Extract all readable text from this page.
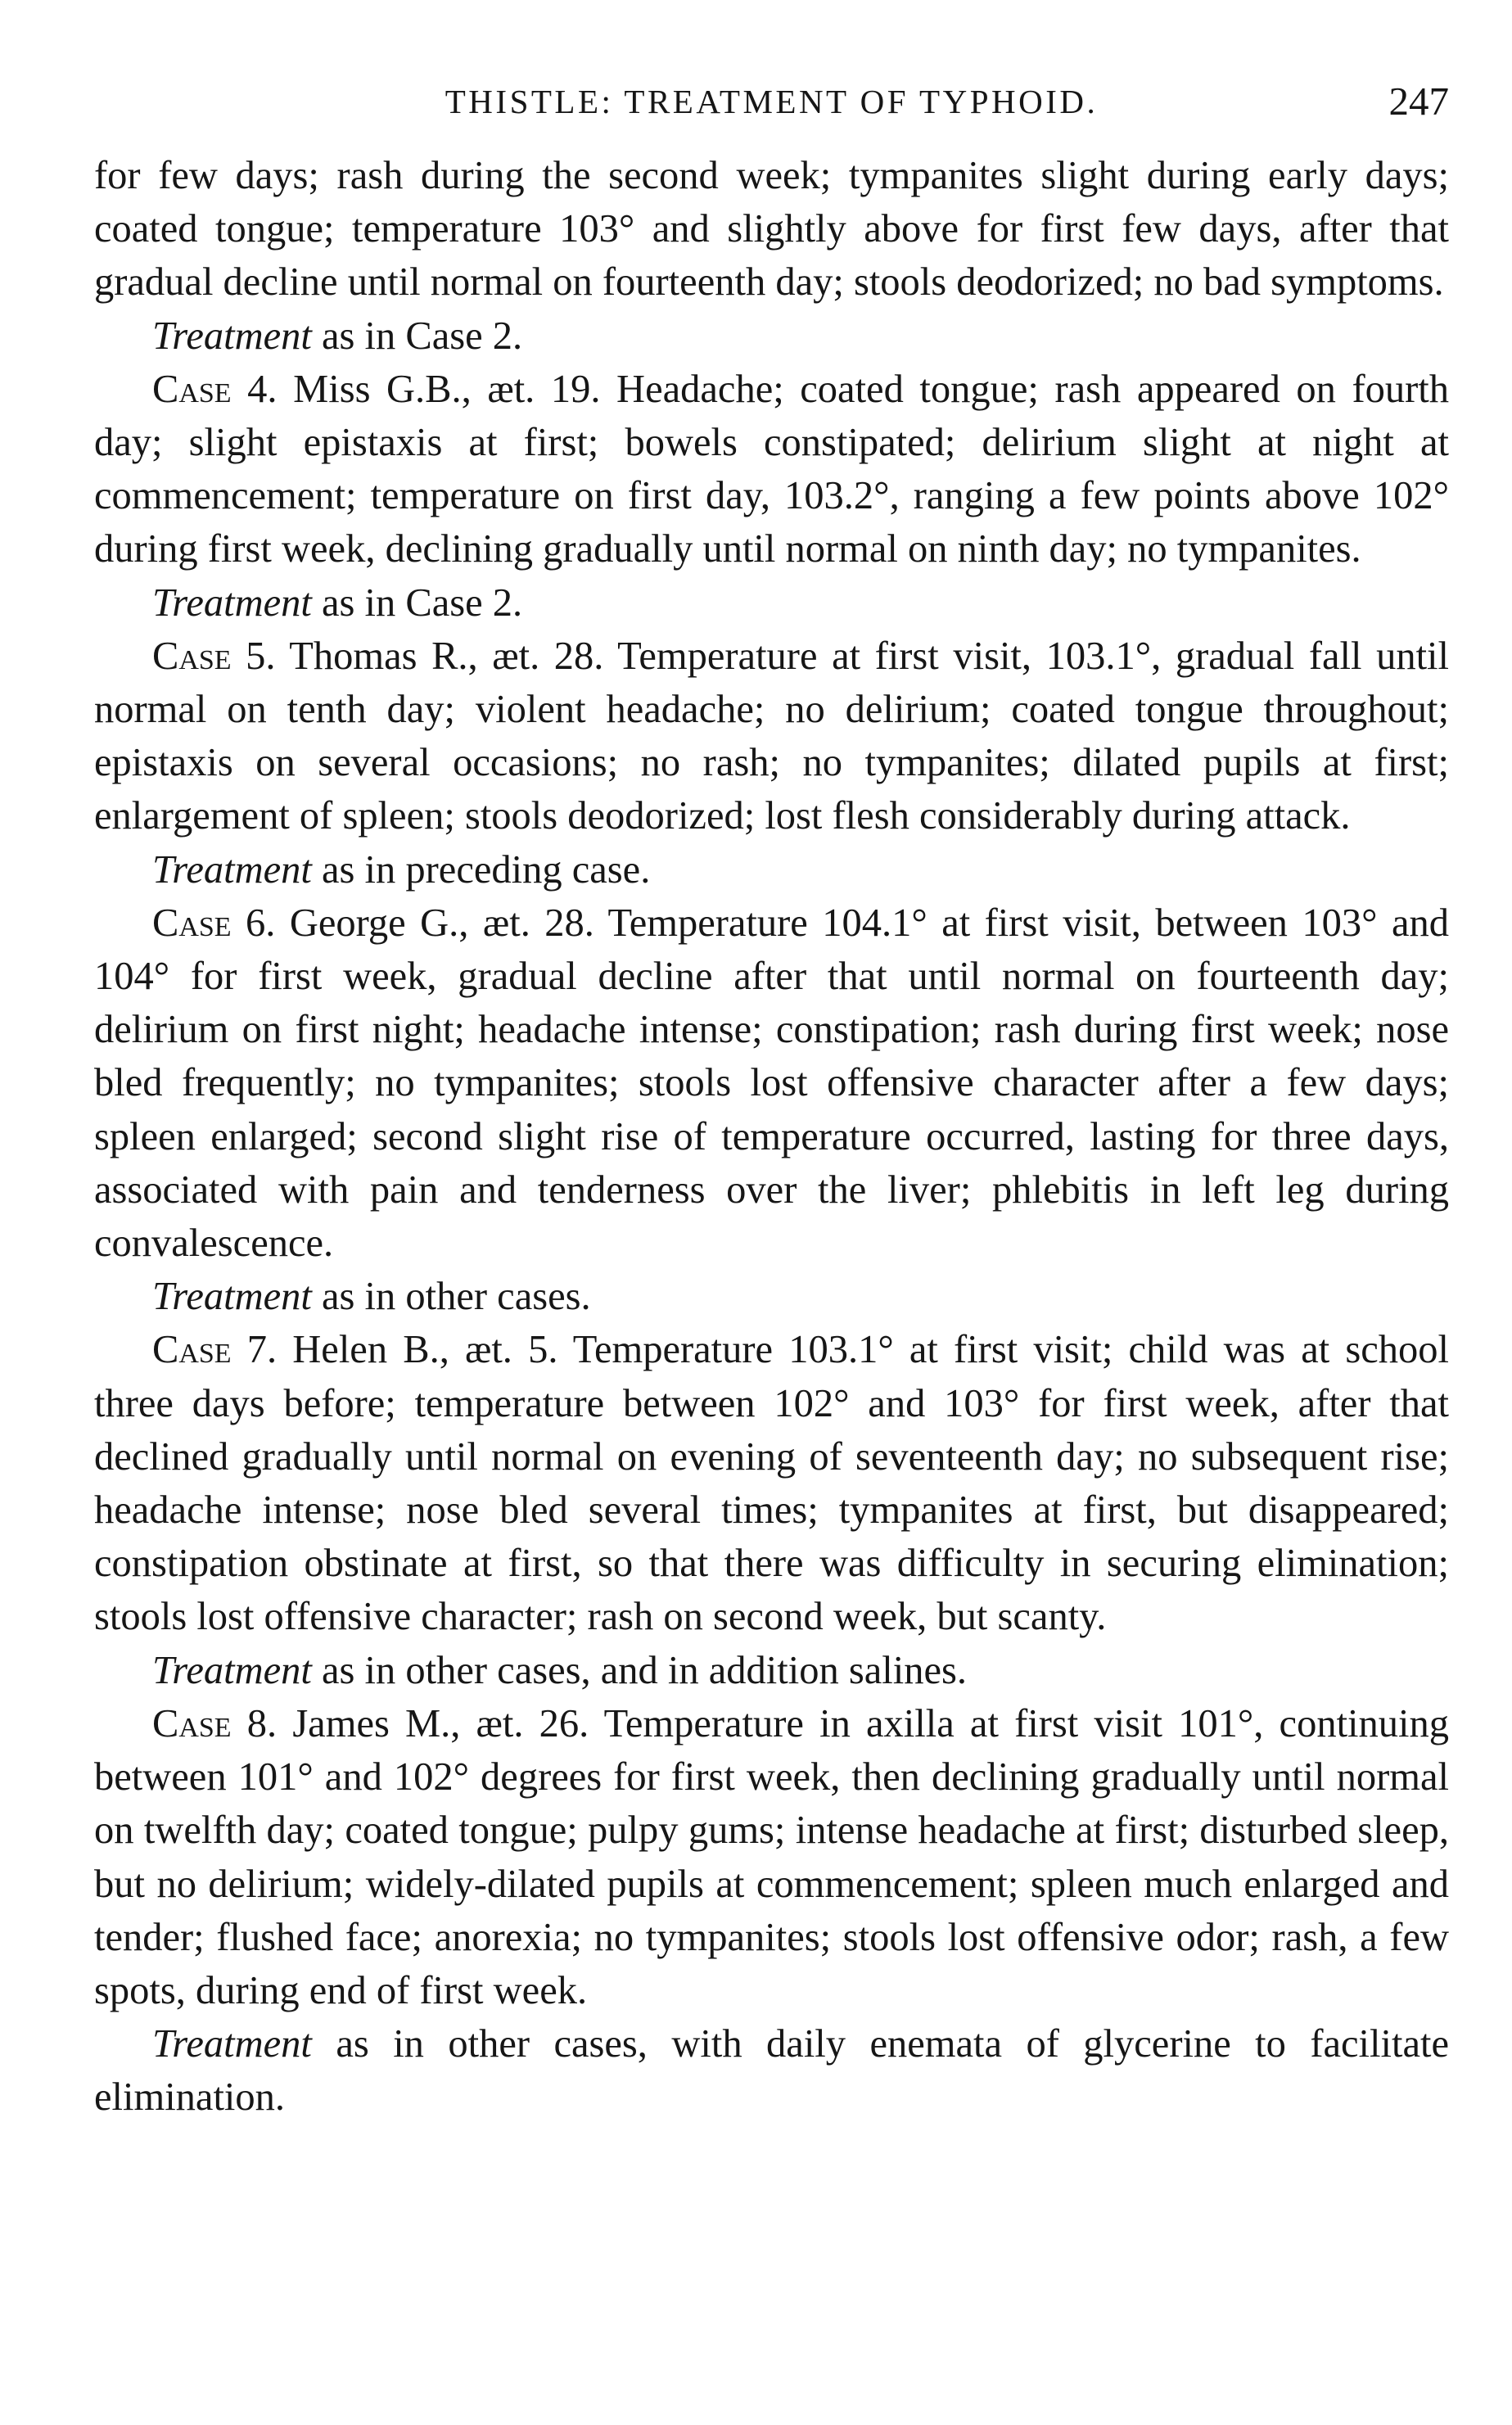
THISTLE: TREATMENT OF TYPHOID.	247

for few days; rash during the second week; tympanites slight during early days; coated tongue; temperature 103° and slightly above for first few days, after that gradual decline until normal on fourteenth day; stools deodorized; no bad symptoms.

Treatment as in Case 2.

Case 4. Miss G.B., æt. 19. Headache; coated tongue; rash appeared on fourth day; slight epistaxis at first; bowels constipated; delirium slight at night at commencement; temperature on first day, 103.2°, ranging a few points above 102° during first week, declining gradually until normal on ninth day; no tympanites.

Treatment as in Case 2.

Case 5. Thomas R., æt. 28. Temperature at first visit, 103.1°, gradual fall until normal on tenth day; violent headache; no delirium; coated tongue throughout; epistaxis on several occasions; no rash; no tympanites; dilated pupils at first; enlargement of spleen; stools deodorized; lost flesh considerably during attack.

Treatment as in preceding case.

Case 6. George G., æt. 28. Temperature 104.1° at first visit, between 103° and 104° for first week, gradual decline after that until normal on fourteenth day; delirium on first night; headache intense; constipation; rash during first week; nose bled frequently; no tympanites; stools lost offensive character after a few days; spleen enlarged; second slight rise of temperature occurred, lasting for three days, associated with pain and tenderness over the liver; phlebitis in left leg during convalescence.

Treatment as in other cases.

Case 7. Helen B., æt. 5. Temperature 103.1° at first visit; child was at school three days before; temperature between 102° and 103° for first week, after that declined gradually until normal on evening of seventeenth day; no subsequent rise; headache intense; nose bled several times; tympanites at first, but disappeared; constipation obstinate at first, so that there was difficulty in securing elimination; stools lost offensive character; rash on second week, but scanty.

Treatment as in other cases, and in addition salines.

Case 8. James M., æt. 26. Temperature in axilla at first visit 101°, continuing between 101° and 102° degrees for first week, then declining gradually until normal on twelfth day; coated tongue; pulpy gums; intense headache at first; disturbed sleep, but no delirium; widely-dilated pupils at commencement; spleen much enlarged and tender; flushed face; anorexia; no tympanites; stools lost offensive odor; rash, a few spots, during end of first week.

Treatment as in other cases, with daily enemata of glycerine to facilitate elimination.
